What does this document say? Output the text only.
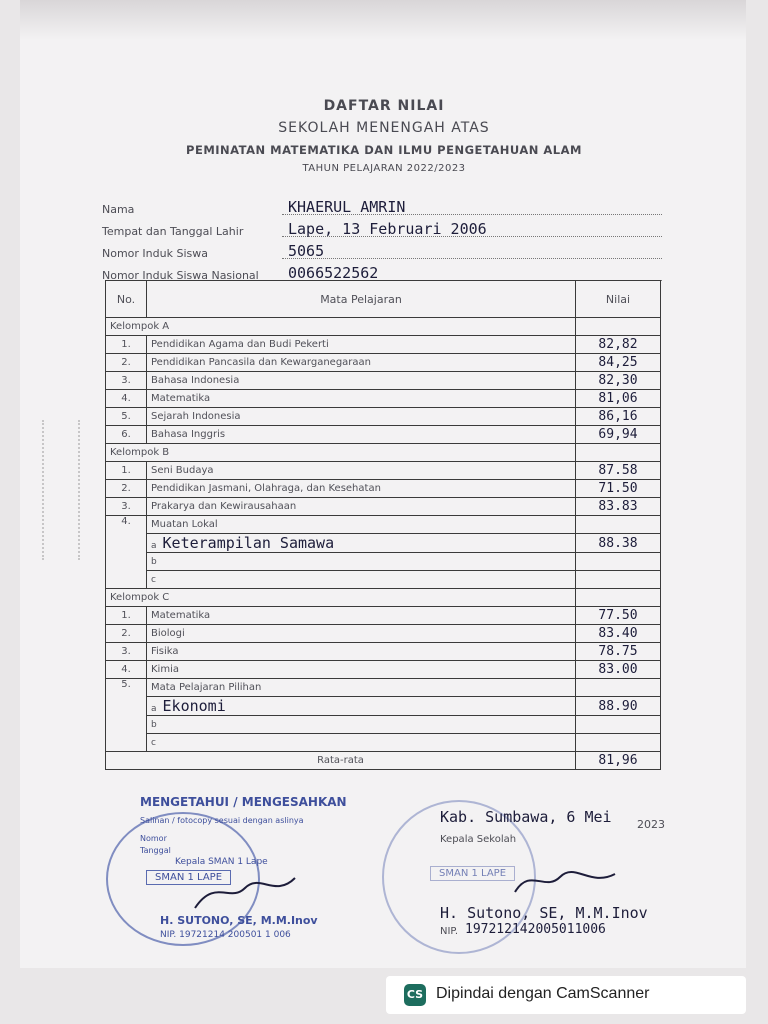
DAFTAR NILAI
SEKOLAH MENENGAH ATAS
PEMINATAN MATEMATIKA DAN ILMU PENGETAHUAN ALAM
TAHUN PELAJARAN 2022/2023
Nama	KHAERUL AMRIN
Tempat dan Tanggal Lahir	Lape, 13 Februari 2006
Nomor Induk Siswa	5065
Nomor Induk Siswa Nasional 0066522562
No.	Mata Pelajaran	Nilai
Kelompok A		
1.	Pendidikan Agama dan Budi Pekerti	82,82
2.	Pendidikan Pancasila dan Kewarganegaraan	84,25
3.	Bahasa Indonesia	82,30
4.	Matematika	81,06
5.	Sejarah Indonesia	86,16
6.	Bahasa Inggris	69,94
Kelompok B		
1.	Seni Budaya	87.58
2.	Pendidikan Jasmani, Olahraga, dan Kesehatan	71.50
3.	Prakarya dan Kewirausahaan	83.83
4.	Muatan Lokal	
	a Keterampilan Samawa	88.38
	b	
	c	
Kelompok C		
1.	Matematika	77.50
2.	Biologi	83.40
3.	Fisika	78.75
4.	Kimia	83.00
5.	Mata Pelajaran Pilihan	
	a Ekonomi	88.90
	b	
	c	
Rata-rata		81,96
MENGETAHUI / MENGESAHKAN
Salinan / fotocopy sesuai dengan aslinya
Nomor
Tanggal
Kepala SMAN 1 Lape
SMAN 1 LAPE
H. SUTONO, SE, M.M.Inov
NIP. 19721214 200501 1 006
Kab. Sumbawa, 6 Mei 2023
Kepala Sekolah
SMAN 1 LAPE
H. Sutono, SE, M.M.Inov
NIP. 197212142005011006
CS Dipindai dengan CamScanner
